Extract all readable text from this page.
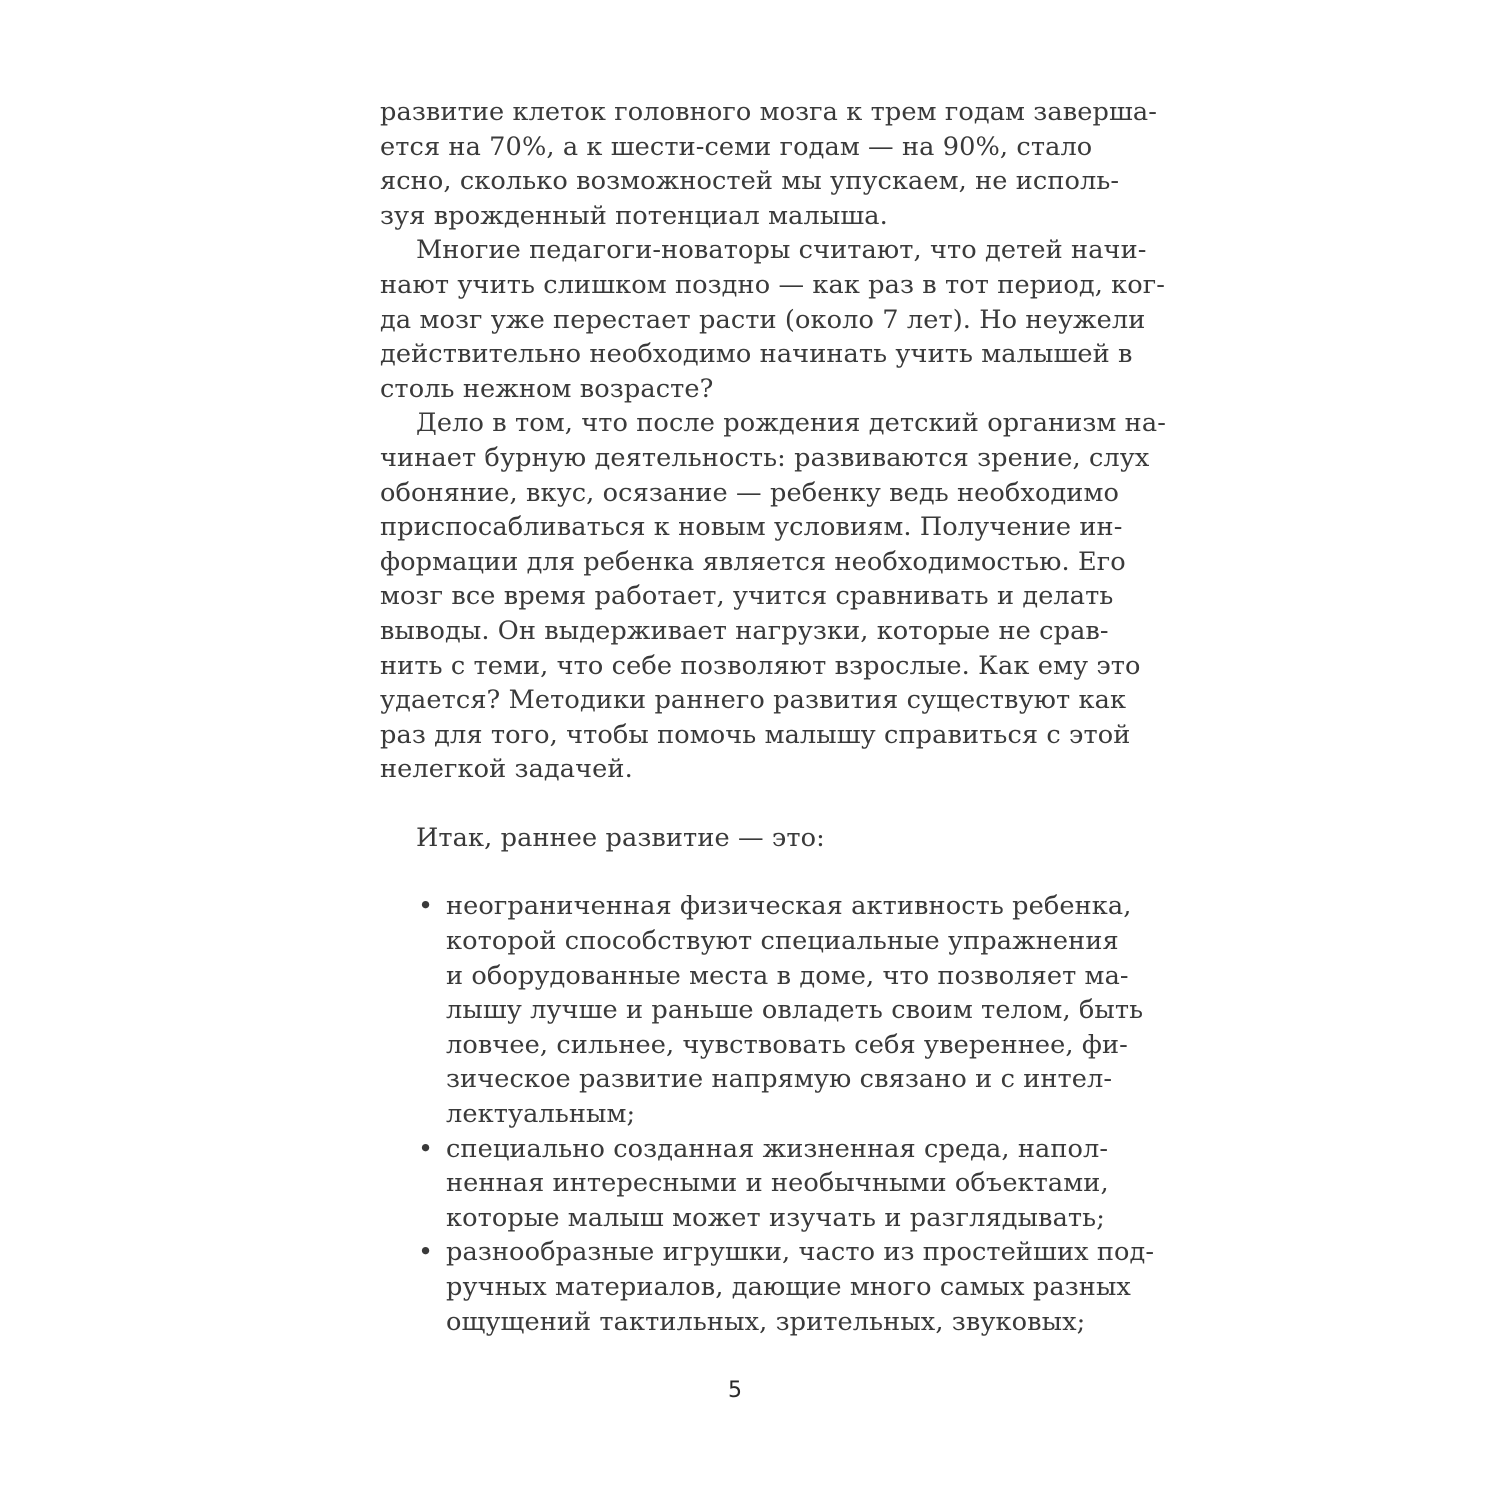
развитие клеток головного мозга к трем годам заверша-
ется на 70%, а к шести-семи годам — на 90%, стало
ясно, сколько возможностей мы упускаем, не исполь-
зуя врожденный потенциал малыша.
Многие педагоги-новаторы считают, что детей начи-
нают учить слишком поздно — как раз в тот период, ког-
да мозг уже перестает расти (около 7 лет). Но неужели
действительно необходимо начинать учить малышей в
столь нежном возрасте?
Дело в том, что после рождения детский организм на-
чинает бурную деятельность: развиваются зрение, слух
обоняние, вкус, осязание — ребенку ведь необходимо
приспосабливаться к новым условиям. Получение ин-
формации для ребенка является необходимостью. Его
мозг все время работает, учится сравнивать и делать
выводы. Он выдерживает нагрузки, которые не срав-
нить с теми, что себе позволяют взрослые. Как ему это
удается? Методики раннего развития существуют как
раз для того, чтобы помочь малышу справиться с этой
нелегкой задачей.
Итак, раннее развитие — это:
• неограниченная физическая активность ребенка,
которой способствуют специальные упражнения
и оборудованные места в доме, что позволяет ма-
лышу лучше и раньше овладеть своим телом, быть
ловчее, сильнее, чувствовать себя увереннее, фи-
зическое развитие напрямую связано и с интел-
лектуальным;
• специально созданная жизненная среда, напол-
ненная интересными и необычными объектами,
которые малыш может изучать и разглядывать;
• разнообразные игрушки, часто из простейших под-
ручных материалов, дающие много самых разных
ощущений тактильных, зрительных, звуковых;
5
